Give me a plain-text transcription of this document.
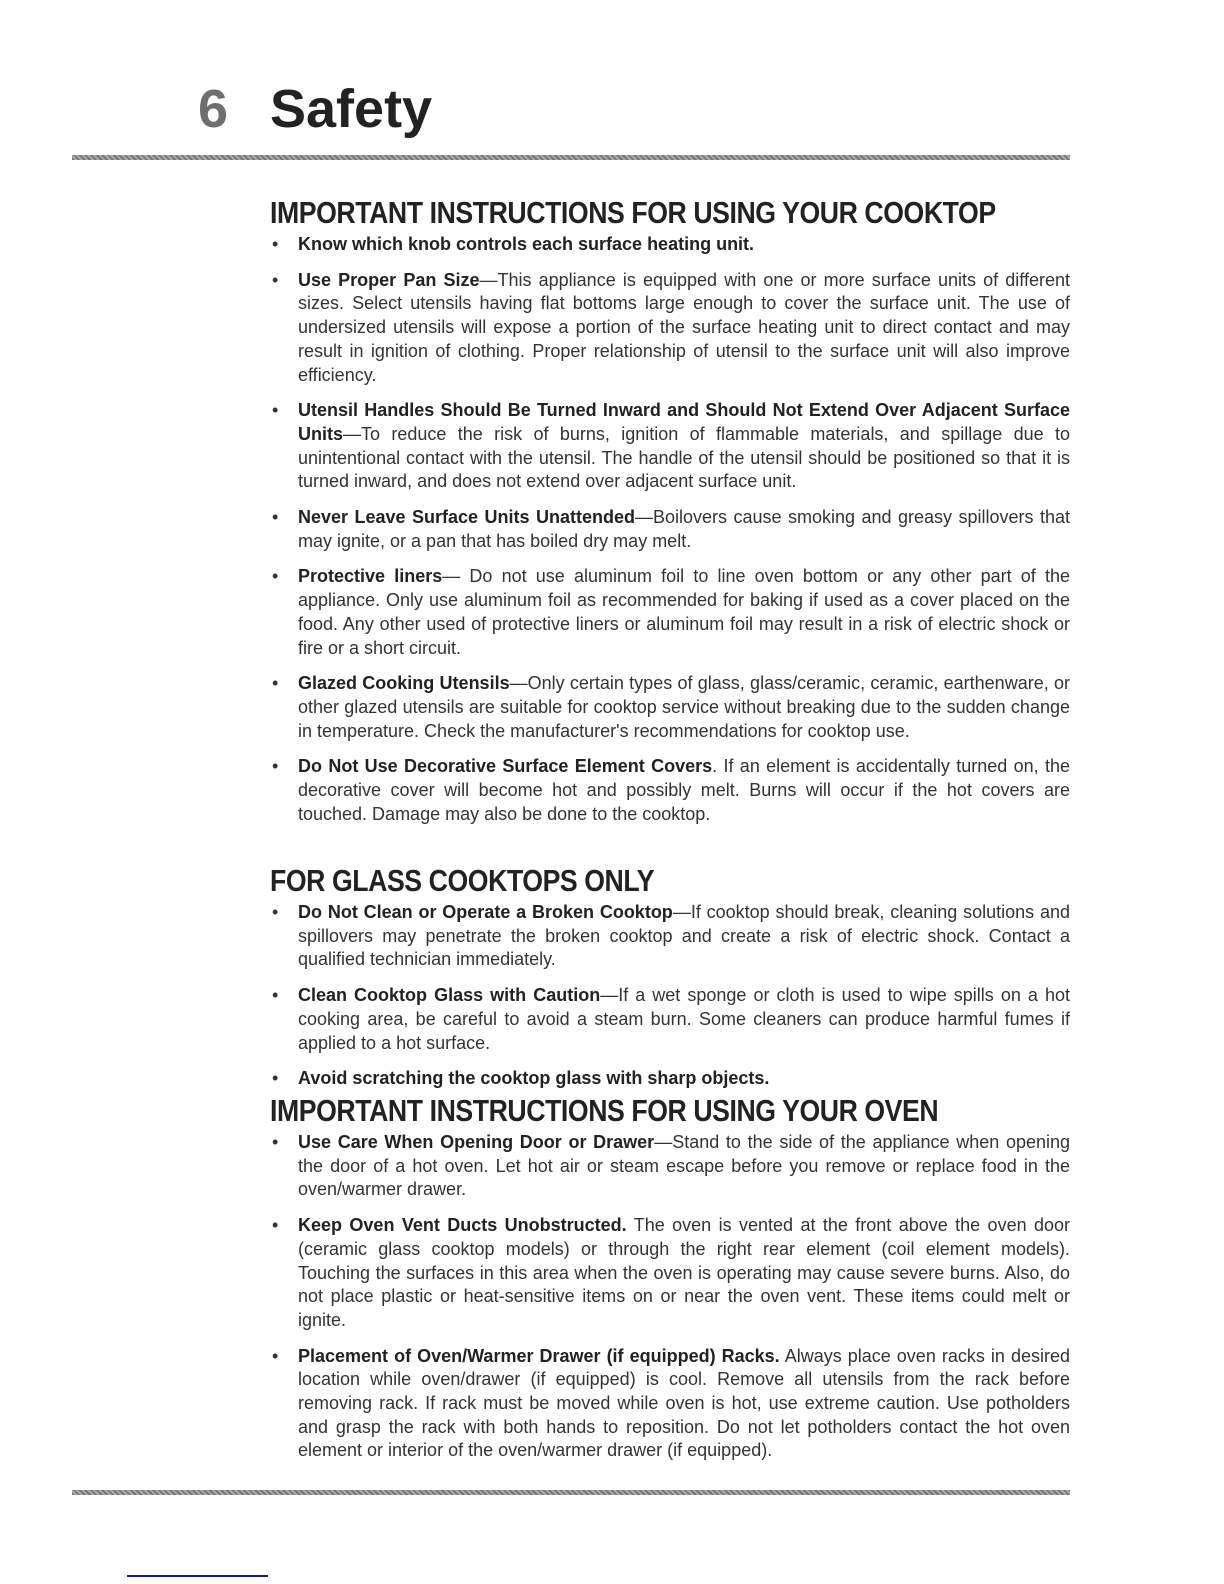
6 Safety
IMPORTANT INSTRUCTIONS FOR USING YOUR COOKTOP
• Know which knob controls each surface heating unit.
• Use Proper Pan Size—This appliance is equipped with one or more surface units of different sizes. Select utensils having flat bottoms large enough to cover the surface unit. The use of undersized utensils will expose a portion of the surface heating unit to direct contact and may result in ignition of clothing. Proper relationship of utensil to the surface unit will also improve efficiency.
• Utensil Handles Should Be Turned Inward and Should Not Extend Over Adjacent Surface Units—To reduce the risk of burns, ignition of flammable materials, and spillage due to unintentional contact with the utensil. The handle of the utensil should be positioned so that it is turned inward, and does not extend over adjacent surface unit.
• Never Leave Surface Units Unattended—Boilovers cause smoking and greasy spillovers that may ignite, or a pan that has boiled dry may melt.
• Protective liners— Do not use aluminum foil to line oven bottom or any other part of the appliance. Only use aluminum foil as recommended for baking if used as a cover placed on the food. Any other used of protective liners or aluminum foil may result in a risk of electric shock or fire or a short circuit.
• Glazed Cooking Utensils—Only certain types of glass, glass/ceramic, ceramic, earthenware, or other glazed utensils are suitable for cooktop service without breaking due to the sudden change in temperature. Check the manufacturer's recommendations for cooktop use.
• Do Not Use Decorative Surface Element Covers. If an element is accidentally turned on, the decorative cover will become hot and possibly melt. Burns will occur if the hot covers are touched. Damage may also be done to the cooktop.
FOR GLASS COOKTOPS ONLY
• Do Not Clean or Operate a Broken Cooktop—If cooktop should break, cleaning solutions and spillovers may penetrate the broken cooktop and create a risk of electric shock. Contact a qualified technician immediately.
• Clean Cooktop Glass with Caution—If a wet sponge or cloth is used to wipe spills on a hot cooking area, be careful to avoid a steam burn. Some cleaners can produce harmful fumes if applied to a hot surface.
• Avoid scratching the cooktop glass with sharp objects.
IMPORTANT INSTRUCTIONS FOR USING YOUR OVEN
• Use Care When Opening Door or Drawer—Stand to the side of the appliance when opening the door of a hot oven. Let hot air or steam escape before you remove or replace food in the oven/warmer drawer.
• Keep Oven Vent Ducts Unobstructed. The oven is vented at the front above the oven door (ceramic glass cooktop models) or through the right rear element (coil element models). Touching the surfaces in this area when the oven is operating may cause severe burns. Also, do not place plastic or heat-sensitive items on or near the oven vent. These items could melt or ignite.
• Placement of Oven/Warmer Drawer (if equipped) Racks. Always place oven racks in desired location while oven/drawer (if equipped) is cool. Remove all utensils from the rack before removing rack. If rack must be moved while oven is hot, use extreme caution. Use potholders and grasp the rack with both hands to reposition. Do not let potholders contact the hot oven element or interior of the oven/warmer drawer (if equipped).
